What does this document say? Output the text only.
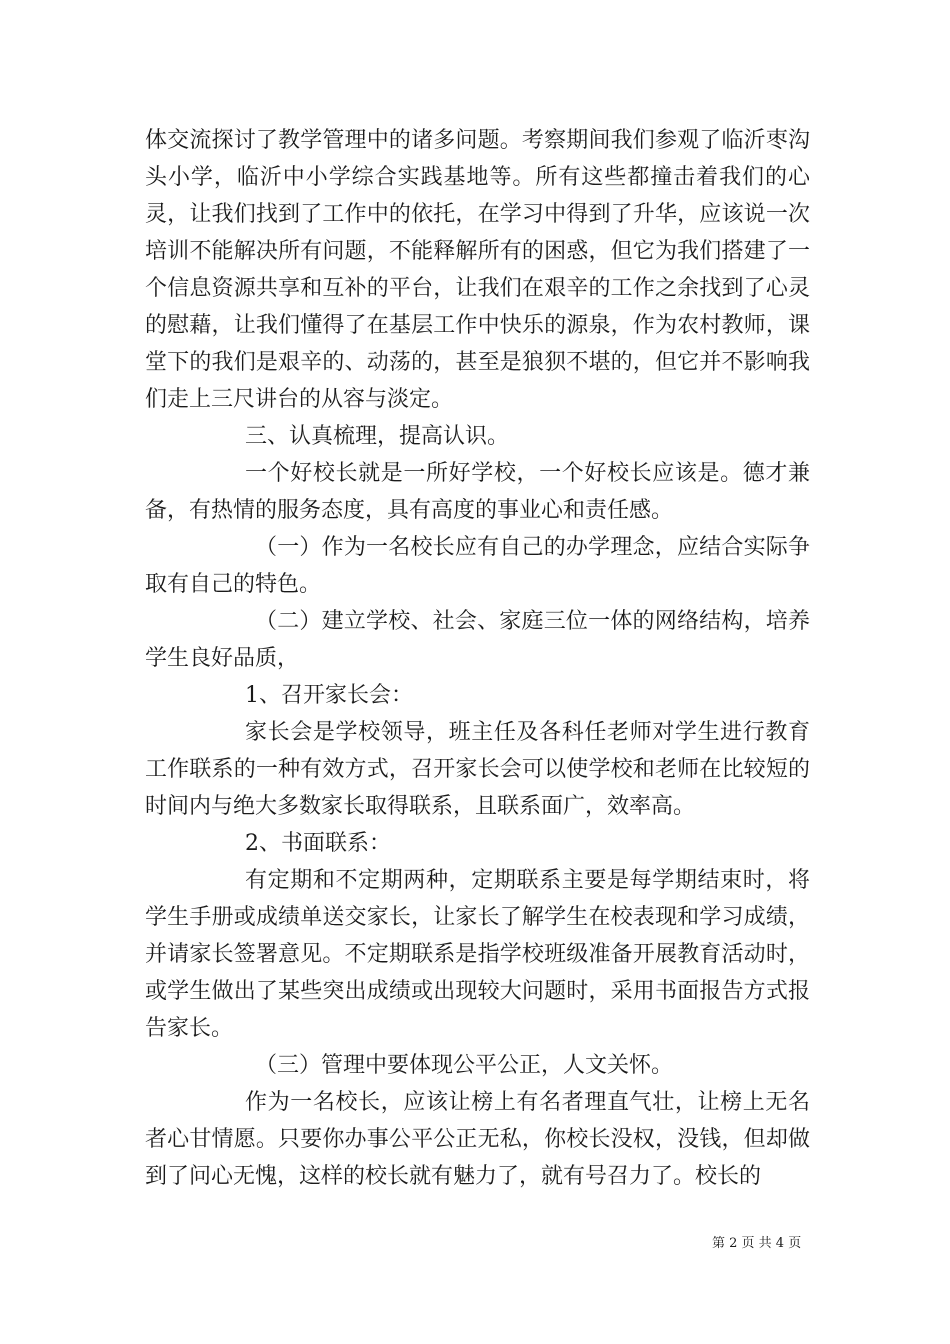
体交流探讨了教学管理中的诸多问题。考察期间我们参观了临沂枣沟头小学，临沂中小学综合实践基地等。所有这些都撞击着我们的心灵，让我们找到了工作中的依托，在学习中得到了升华，应该说一次培训不能解决所有问题，不能释解所有的困惑，但它为我们搭建了一个信息资源共享和互补的平台，让我们在艰辛的工作之余找到了心灵的慰藉，让我们懂得了在基层工作中快乐的源泉，作为农村教师，课堂下的我们是艰辛的、动荡的，甚至是狼狈不堪的，但它并不影响我们走上三尺讲台的从容与淡定。

三、认真梳理，提高认识。

一个好校长就是一所好学校，一个好校长应该是。德才兼备，有热情的服务态度，具有高度的事业心和责任感。

（一）作为一名校长应有自己的办学理念，应结合实际争取有自己的特色。

（二）建立学校、社会、家庭三位一体的网络结构，培养学生良好品质，

1、召开家长会：

家长会是学校领导，班主任及各科任老师对学生进行教育工作联系的一种有效方式，召开家长会可以使学校和老师在比较短的时间内与绝大多数家长取得联系，且联系面广，效率高。

2、书面联系：

有定期和不定期两种，定期联系主要是每学期结束时，将学生手册或成绩单送交家长，让家长了解学生在校表现和学习成绩，并请家长签署意见。不定期联系是指学校班级准备开展教育活动时，或学生做出了某些突出成绩或出现较大问题时，采用书面报告方式报告家长。

（三）管理中要体现公平公正，人文关怀。

作为一名校长，应该让榜上有名者理直气壮，让榜上无名者心甘情愿。只要你办事公平公正无私，你校长没权，没钱，但却做到了问心无愧，这样的校长就有魅力了，就有号召力了。校长的

第 2 页 共 4 页
